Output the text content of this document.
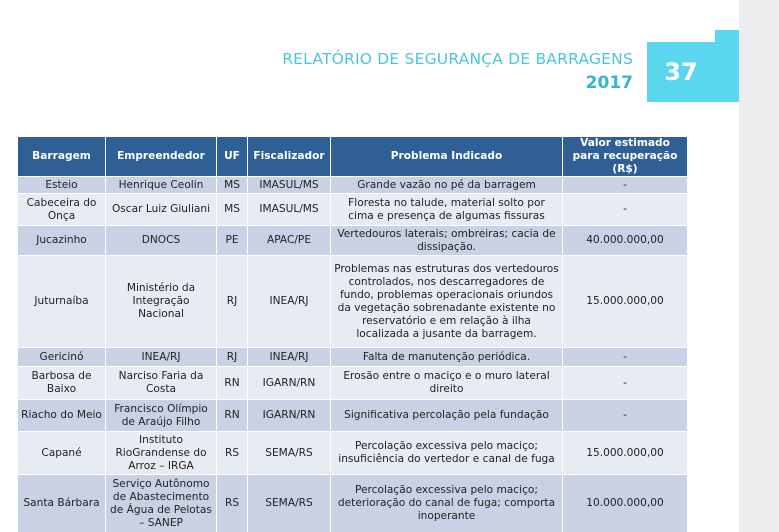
RELATÓRIO DE SEGURANÇA DE BARRAGENS
2017	37
Barragem	Empreendedor	UF	Fiscalizador	Problema Indicado	Valor estimado para recuperação (R$)
Esteio	Henrique Ceolin	MS	IMASUL/MS	Grande vazão no pé da barragem	-
Cabeceira do Onça	Oscar Luiz Giuliani	MS	IMASUL/MS	Floresta no talude, material solto por cima e presença de algumas fissuras	-
Jucazinho	DNOCS	PE	APAC/PE	Vertedouros laterais; ombreiras; cacia de dissipação.	40.000.000,00
Juturnaíba	Ministério da Integração Nacional	RJ	INEA/RJ	Problemas nas estruturas dos vertedouros controlados, nos descarregadores de fundo, problemas operacionais oriundos da vegetação sobrenadante existente no reservatório e em relação à ilha localizada a jusante da barragem.	15.000.000,00
Gericinó	INEA/RJ	RJ	INEA/RJ	Falta de manutenção periódica.	-
Barbosa de Baixo	Narciso Faria da Costa	RN	IGARN/RN	Erosão entre o maciço e o muro lateral direito	-
Riacho do Meio	Francisco Olímpio de Araújo Filho	RN	IGARN/RN	Significativa percolação pela fundação	-
Capané	Instituto RioGrandense do Arroz – IRGA	RS	SEMA/RS	Percolação excessiva pelo maciço; insuficiência do vertedor e canal de fuga	15.000.000,00
Santa Bárbara	Serviço Autônomo de Abastecimento de Água de Pelotas – SANEP	RS	SEMA/RS	Percolação excessiva pelo maciço; deterioração do canal de fuga; comporta inoperante	10.000.000,00
